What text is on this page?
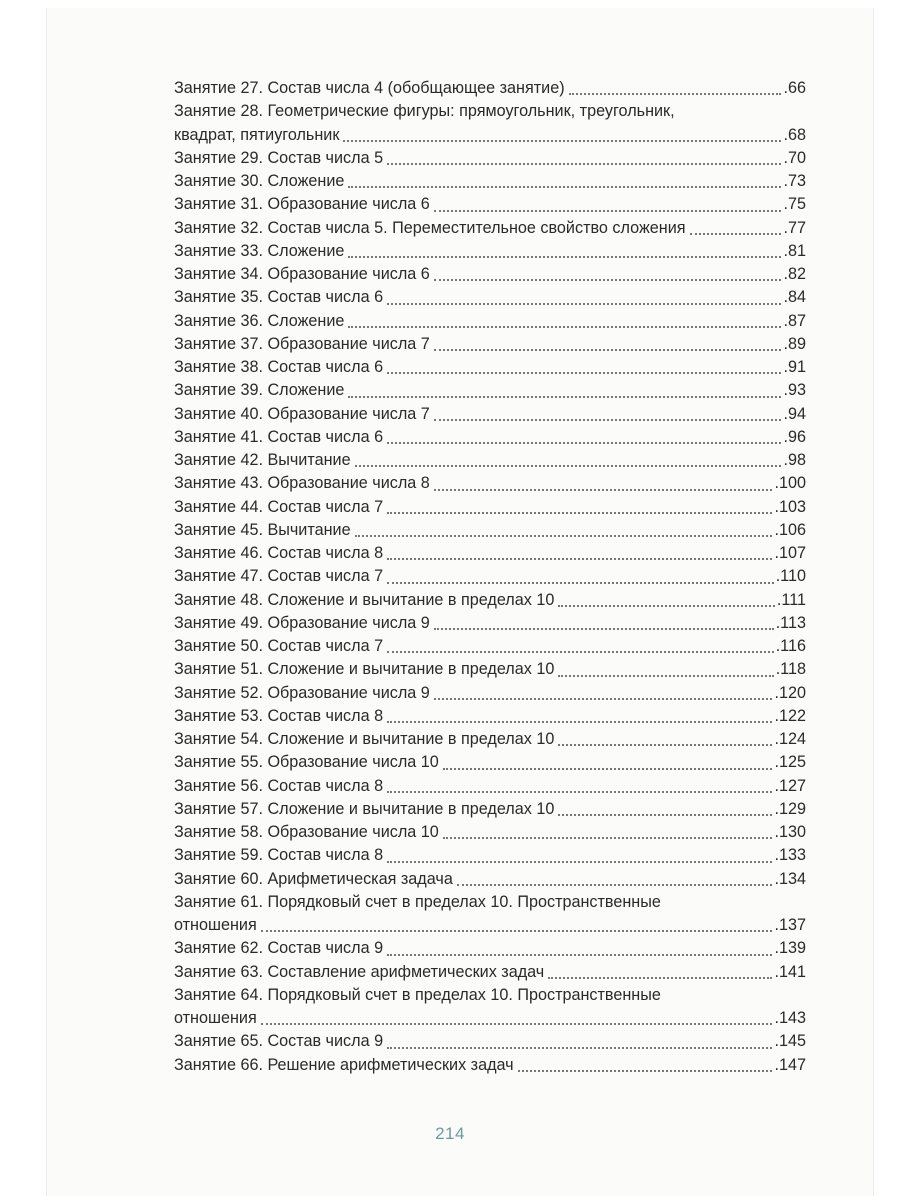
Занятие 27. Состав числа 4 (обобщающее занятие)	.66
Занятие 28. Геометрические фигуры: прямоугольник, треугольник,
квадрат, пятиугольник	.68
Занятие 29. Состав числа 5	.70
Занятие 30. Сложение	.73
Занятие 31. Образование числа 6	.75
Занятие 32. Состав числа 5. Переместительное свойство сложения	.77
Занятие 33. Сложение	.81
Занятие 34. Образование числа 6	.82
Занятие 35. Состав числа 6	.84
Занятие 36. Сложение	.87
Занятие 37. Образование числа 7	.89
Занятие 38. Состав числа 6	.91
Занятие 39. Сложение	.93
Занятие 40. Образование числа 7	.94
Занятие 41. Состав числа 6	.96
Занятие 42. Вычитание	.98
Занятие 43. Образование числа 8	.100
Занятие 44. Состав числа 7	.103
Занятие 45. Вычитание	.106
Занятие 46. Состав числа 8	.107
Занятие 47. Состав числа 7	.110
Занятие 48. Сложение и вычитание в пределах 10	.111
Занятие 49. Образование числа 9	.113
Занятие 50. Состав числа 7	.116
Занятие 51. Сложение и вычитание в пределах 10	.118
Занятие 52. Образование числа 9	.120
Занятие 53. Состав числа 8	.122
Занятие 54. Сложение и вычитание в пределах 10	.124
Занятие 55. Образование числа 10	.125
Занятие 56. Состав числа 8	.127
Занятие 57. Сложение и вычитание в пределах 10	.129
Занятие 58. Образование числа 10	.130
Занятие 59. Состав числа 8	.133
Занятие 60. Арифметическая задача	.134
Занятие 61. Порядковый счет в пределах 10. Пространственные
отношения	.137
Занятие 62. Состав числа 9	.139
Занятие 63. Составление арифметических задач	.141
Занятие 64. Порядковый счет в пределах 10. Пространственные
отношения	.143
Занятие 65. Состав числа 9	.145
Занятие 66. Решение арифметических задач	.147
214
